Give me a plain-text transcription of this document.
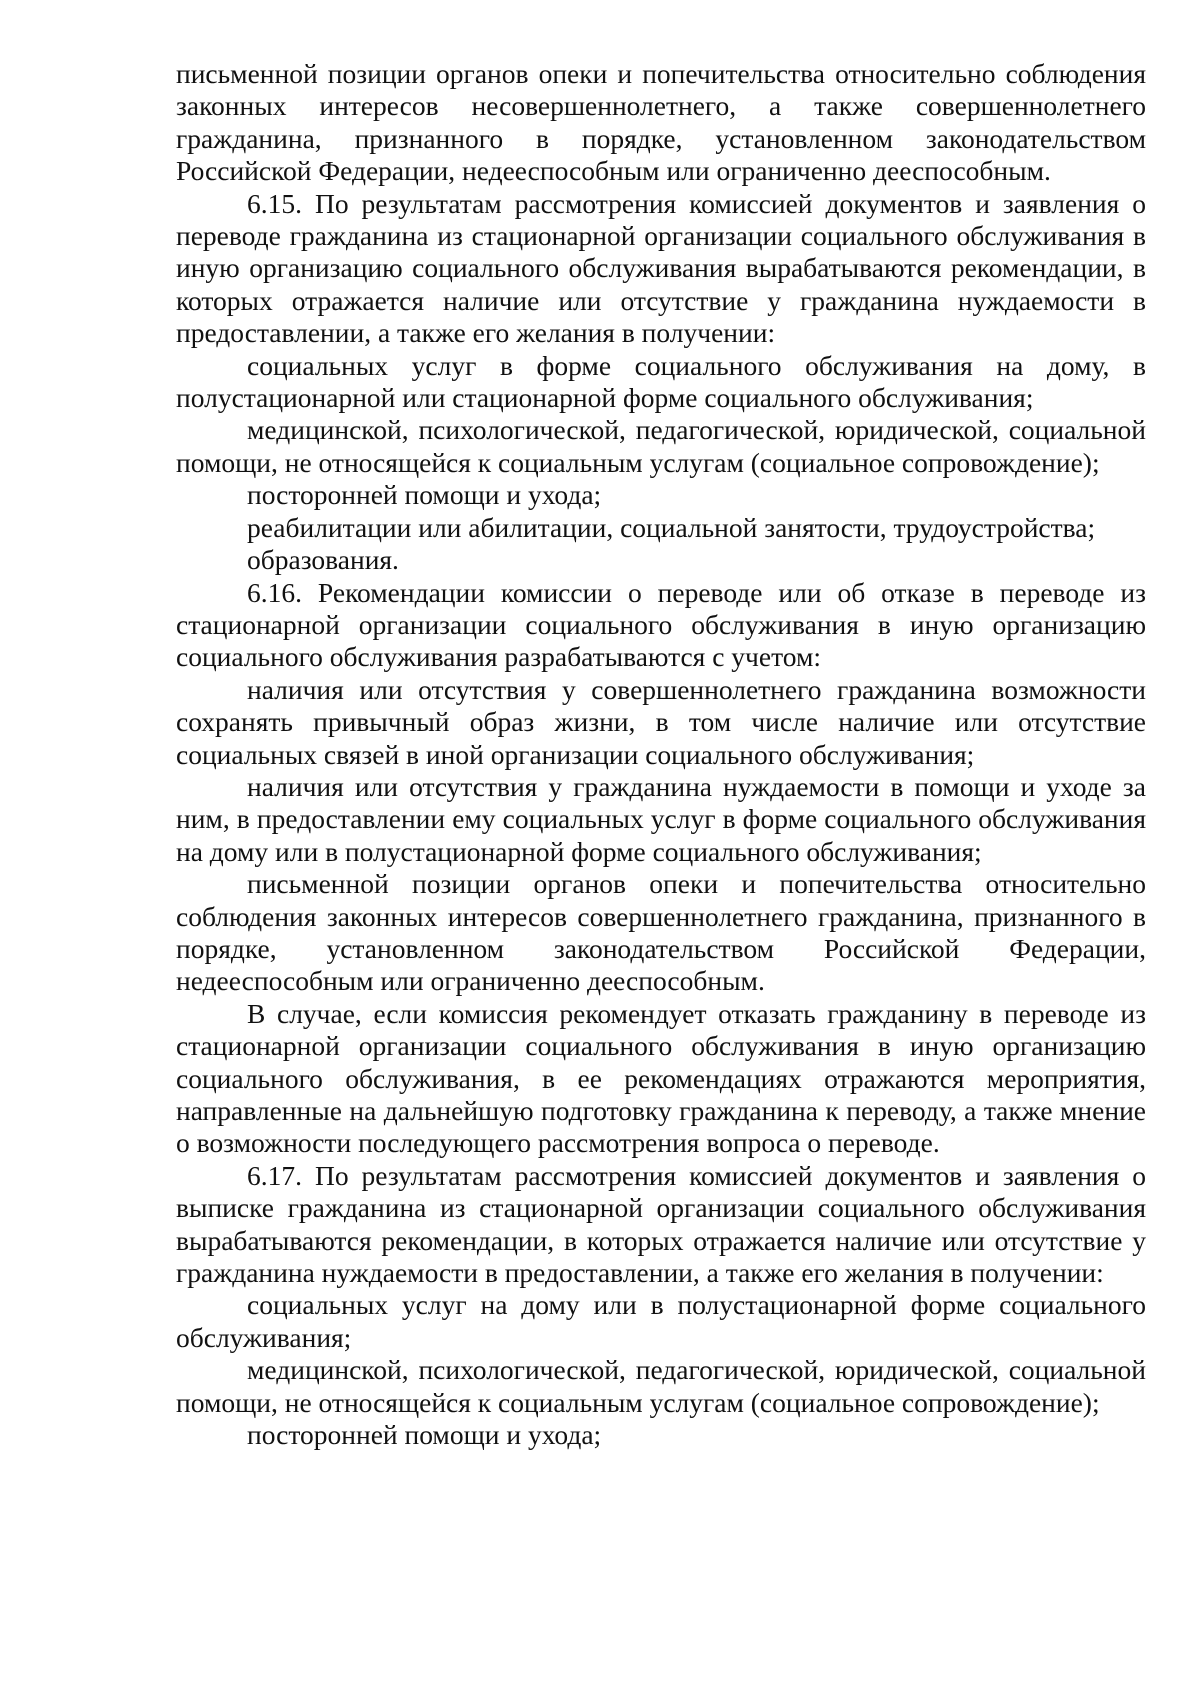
письменной позиции органов опеки и попечительства относительно соблюдения законных интересов несовершеннолетнего, а также совершеннолетнего гражданина, признанного в порядке, установленном законодательством Российской Федерации, недееспособным или ограниченно дееспособным.

6.15. По результатам рассмотрения комиссией документов и заявления о переводе гражданина из стационарной организации социального обслуживания в иную организацию социального обслуживания вырабатываются рекомендации, в которых отражается наличие или отсутствие у гражданина нуждаемости в предоставлении, а также его желания в получении:

социальных услуг в форме социального обслуживания на дому, в полустационарной или стационарной форме социального обслуживания;

медицинской, психологической, педагогической, юридической, социальной помощи, не относящейся к социальным услугам (социальное сопровождение);

посторонней помощи и ухода;

реабилитации или абилитации, социальной занятости, трудоустройства;

образования.

6.16. Рекомендации комиссии о переводе или об отказе в переводе из стационарной организации социального обслуживания в иную организацию социального обслуживания разрабатываются с учетом:

наличия или отсутствия у совершеннолетнего гражданина возможности сохранять привычный образ жизни, в том числе наличие или отсутствие социальных связей в иной организации социального обслуживания;

наличия или отсутствия у гражданина нуждаемости в помощи и уходе за ним, в предоставлении ему социальных услуг в форме социального обслуживания на дому или в полустационарной форме социального обслуживания;

письменной позиции органов опеки и попечительства относительно соблюдения законных интересов совершеннолетнего гражданина, признанного в порядке, установленном законодательством Российской Федерации, недееспособным или ограниченно дееспособным.

В случае, если комиссия рекомендует отказать гражданину в переводе из стационарной организации социального обслуживания в иную организацию социального обслуживания, в ее рекомендациях отражаются мероприятия, направленные на дальнейшую подготовку гражданина к переводу, а также мнение о возможности последующего рассмотрения вопроса о переводе.

6.17. По результатам рассмотрения комиссией документов и заявления о выписке гражданина из стационарной организации социального обслуживания вырабатываются рекомендации, в которых отражается наличие или отсутствие у гражданина нуждаемости в предоставлении, а также его желания в получении:

социальных услуг на дому или в полустационарной форме социального обслуживания;

медицинской, психологической, педагогической, юридической, социальной помощи, не относящейся к социальным услугам (социальное сопровождение);

посторонней помощи и ухода;
